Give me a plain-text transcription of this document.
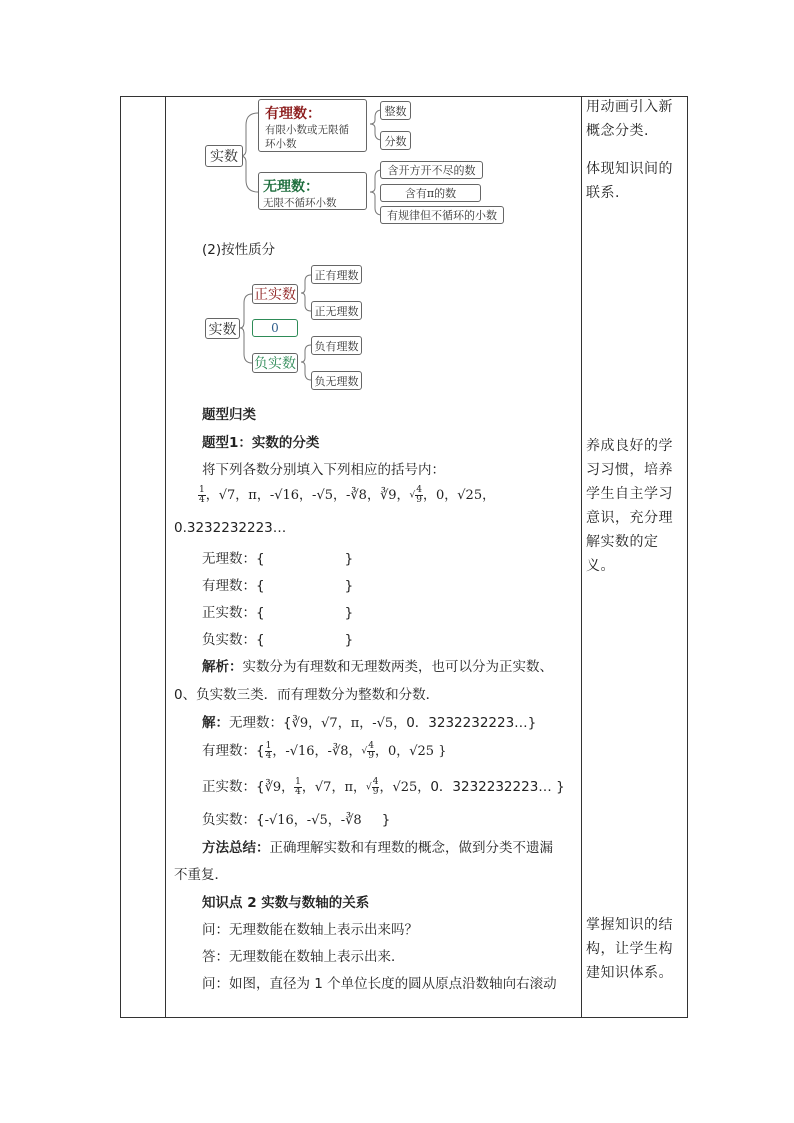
实数
有理数：
有限小数或无限循
环小数
整数
分数
无理数：
无限不循环小数
含开方开不尽的数
含有π的数
有规律但不循环的小数
(2)按性质分
实数
正实数
0
负实数
正有理数
正无理数
负有理数
负无理数
题型归类
题型1：实数的分类
将下列各数分别填入下列相应的括号内：
$\frac{1}{4}$ ，√7，π，-√16，-√5，-∛8，∛9，√ $\frac{4}{9}$ ，0，√25，
0.3232232223…
无理数：{	}
有理数：{	}
正实数：{	}
负实数：{	}
解析：实数分为有理数和无理数两类，也可以分为正实数、
0、负实数三类．而有理数分为整数和分数．
解：无理数：{∛9，√7，π，-√5，0．3232232223…}
有理数：{ $\frac{1}{4}$ ，-√16，-∛8，√ $\frac{4}{9}$ ，0，√25 }
正实数：{∛9， $\frac{1}{4}$ ，√7，π，√ $\frac{4}{9}$ ，√25，0．3232232223… }
负实数：{-√16，-√5，-∛8 }
方法总结：正确理解实数和有理数的概念，做到分类不遗漏
不重复．
知识点 2 实数与数轴的关系
问：无理数能在数轴上表示出来吗？
答：无理数能在数轴上表示出来．
问：如图，直径为 1 个单位长度的圆从原点沿数轴向右滚动
用动画引入新概念分类.
体现知识间的联系.
养成良好的学习习惯，培养学生自主学习意识，充分理解实数的定义。
掌握知识的结构，让学生构建知识体系。
